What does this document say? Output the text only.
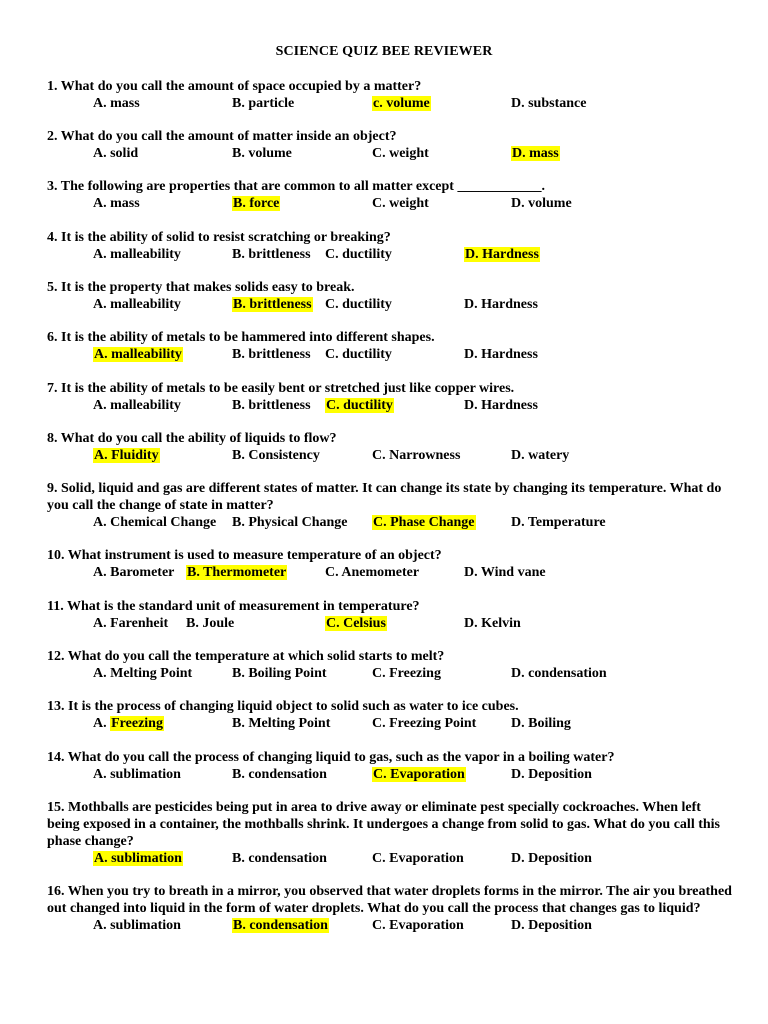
SCIENCE QUIZ BEE REVIEWER
1. What do you call the amount of space occupied by a matter?
A. mass	B. particle	c. volume	D. substance
2. What do you call the amount of matter inside an object?
A. solid	B. volume	C. weight	D. mass
3. The following are properties that are common to all matter except ____________.
A. mass	B. force	C. weight	D. volume
4. It is the ability of solid to resist scratching or breaking?
A. malleability	B. brittleness C. ductility	D. Hardness
5. It is the property that makes solids easy to break.
A. malleability	B. brittleness C. ductility	D. Hardness
6. It is the ability of metals to be hammered into different shapes.
A. malleability	B. brittleness C. ductility	D. Hardness
7. It is the ability of metals to be easily bent or stretched just like copper wires.
A. malleability	B. brittleness C. ductility	D. Hardness
8. What do you call the ability of liquids to flow?
A. Fluidity	B. Consistency	C. Narrowness	D. watery
9. Solid, liquid and gas are different states of matter. It can change its state by changing its temperature. What do you call the change of state in matter?
A. Chemical Change B. Physical Change C. Phase Change	D. Temperature
10. What instrument is used to measure temperature of an object?
A. Barometer B. Thermometer	C. Anemometer	D. Wind vane
11. What is the standard unit of measurement in temperature?
A. Farenheit B. Joule	C. Celsius	D. Kelvin
12. What do you call the temperature at which solid starts to melt?
A. Melting Point	B. Boiling Point	C. Freezing	D. condensation
13. It is the process of changing liquid object to solid such as water to ice cubes.
A. Freezing	B. Melting Point	C. Freezing Point D. Boiling
14. What do you call the process of changing liquid to gas, such as the vapor in a boiling water?
A. sublimation	B. condensation	C. Evaporation	D. Deposition
15. Mothballs are pesticides being put in area to drive away or eliminate pest specially cockroaches. When left being exposed in a container, the mothballs shrink. It undergoes a change from solid to gas. What do you call this phase change?
A. sublimation	B. condensation	C. Evaporation	D. Deposition
16. When you try to breath in a mirror, you observed that water droplets forms in the mirror. The air you breathed out changed into liquid in the form of water droplets. What do you call the process that changes gas to liquid?
A. sublimation	B. condensation	C. Evaporation	D. Deposition
